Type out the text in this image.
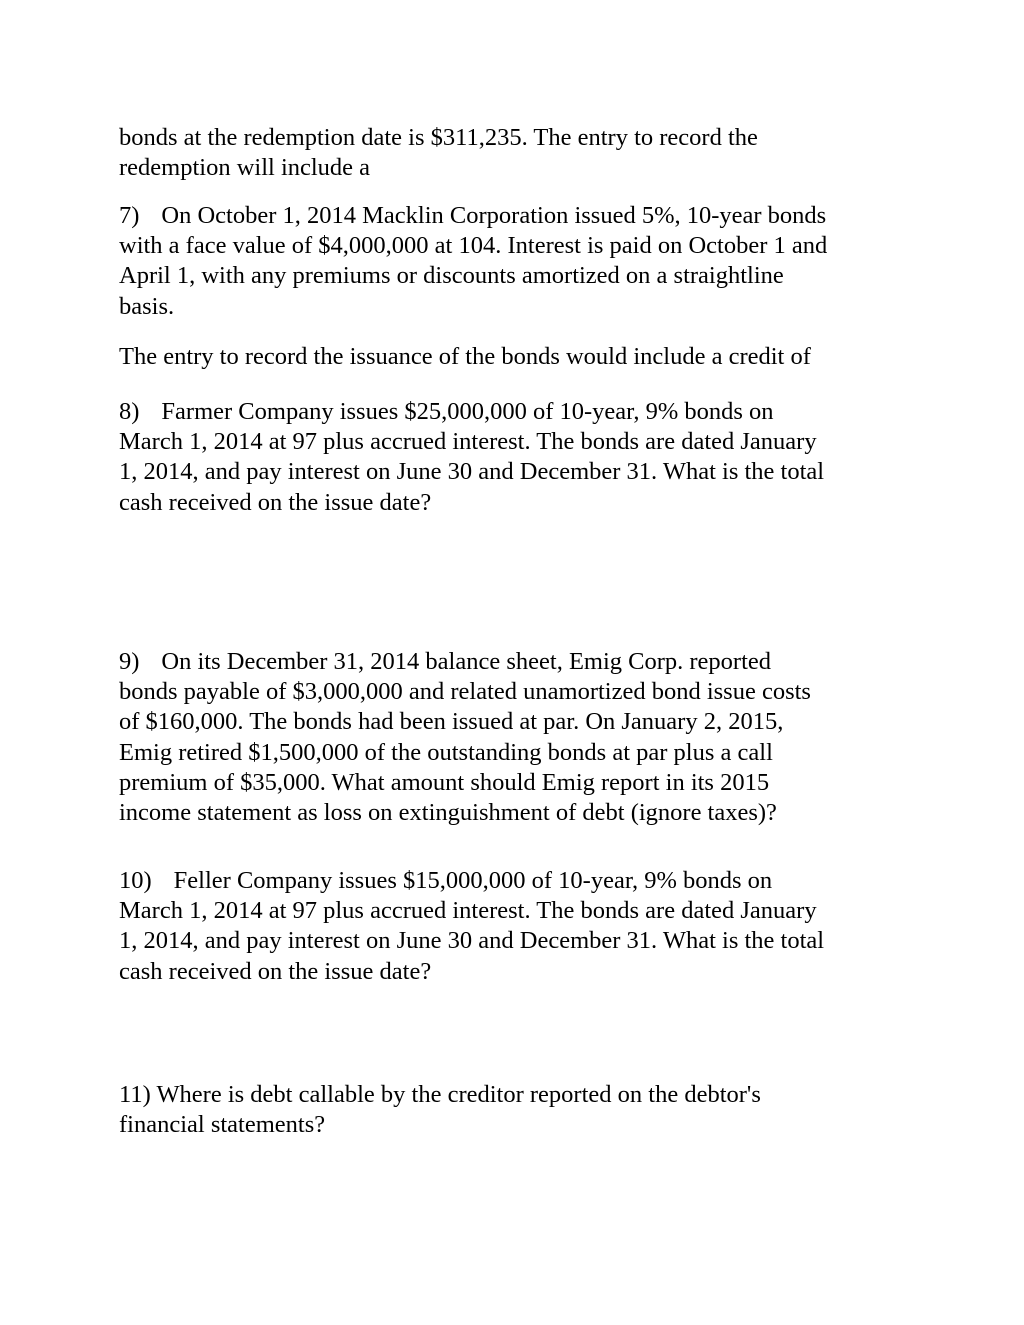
bonds at the redemption date is $311,235. The entry to record the
redemption will include a
7) On October 1, 2014 Macklin Corporation issued 5%, 10-year bonds
with a face value of $4,000,000 at 104. Interest is paid on October 1 and
April 1, with any premiums or discounts amortized on a straightline
basis.
The entry to record the issuance of the bonds would include a credit of
8) Farmer Company issues $25,000,000 of 10-year, 9% bonds on
March 1, 2014 at 97 plus accrued interest. The bonds are dated January
1, 2014, and pay interest on June 30 and December 31. What is the total
cash received on the issue date?
9) On its December 31, 2014 balance sheet, Emig Corp. reported
bonds payable of $3,000,000 and related unamortized bond issue costs
of $160,000. The bonds had been issued at par. On January 2, 2015,
Emig retired $1,500,000 of the outstanding bonds at par plus a call
premium of $35,000. What amount should Emig report in its 2015
income statement as loss on extinguishment of debt (ignore taxes)?
10) Feller Company issues $15,000,000 of 10-year, 9% bonds on
March 1, 2014 at 97 plus accrued interest. The bonds are dated January
1, 2014, and pay interest on June 30 and December 31. What is the total
cash received on the issue date?
11) Where is debt callable by the creditor reported on the debtor's
financial statements?
